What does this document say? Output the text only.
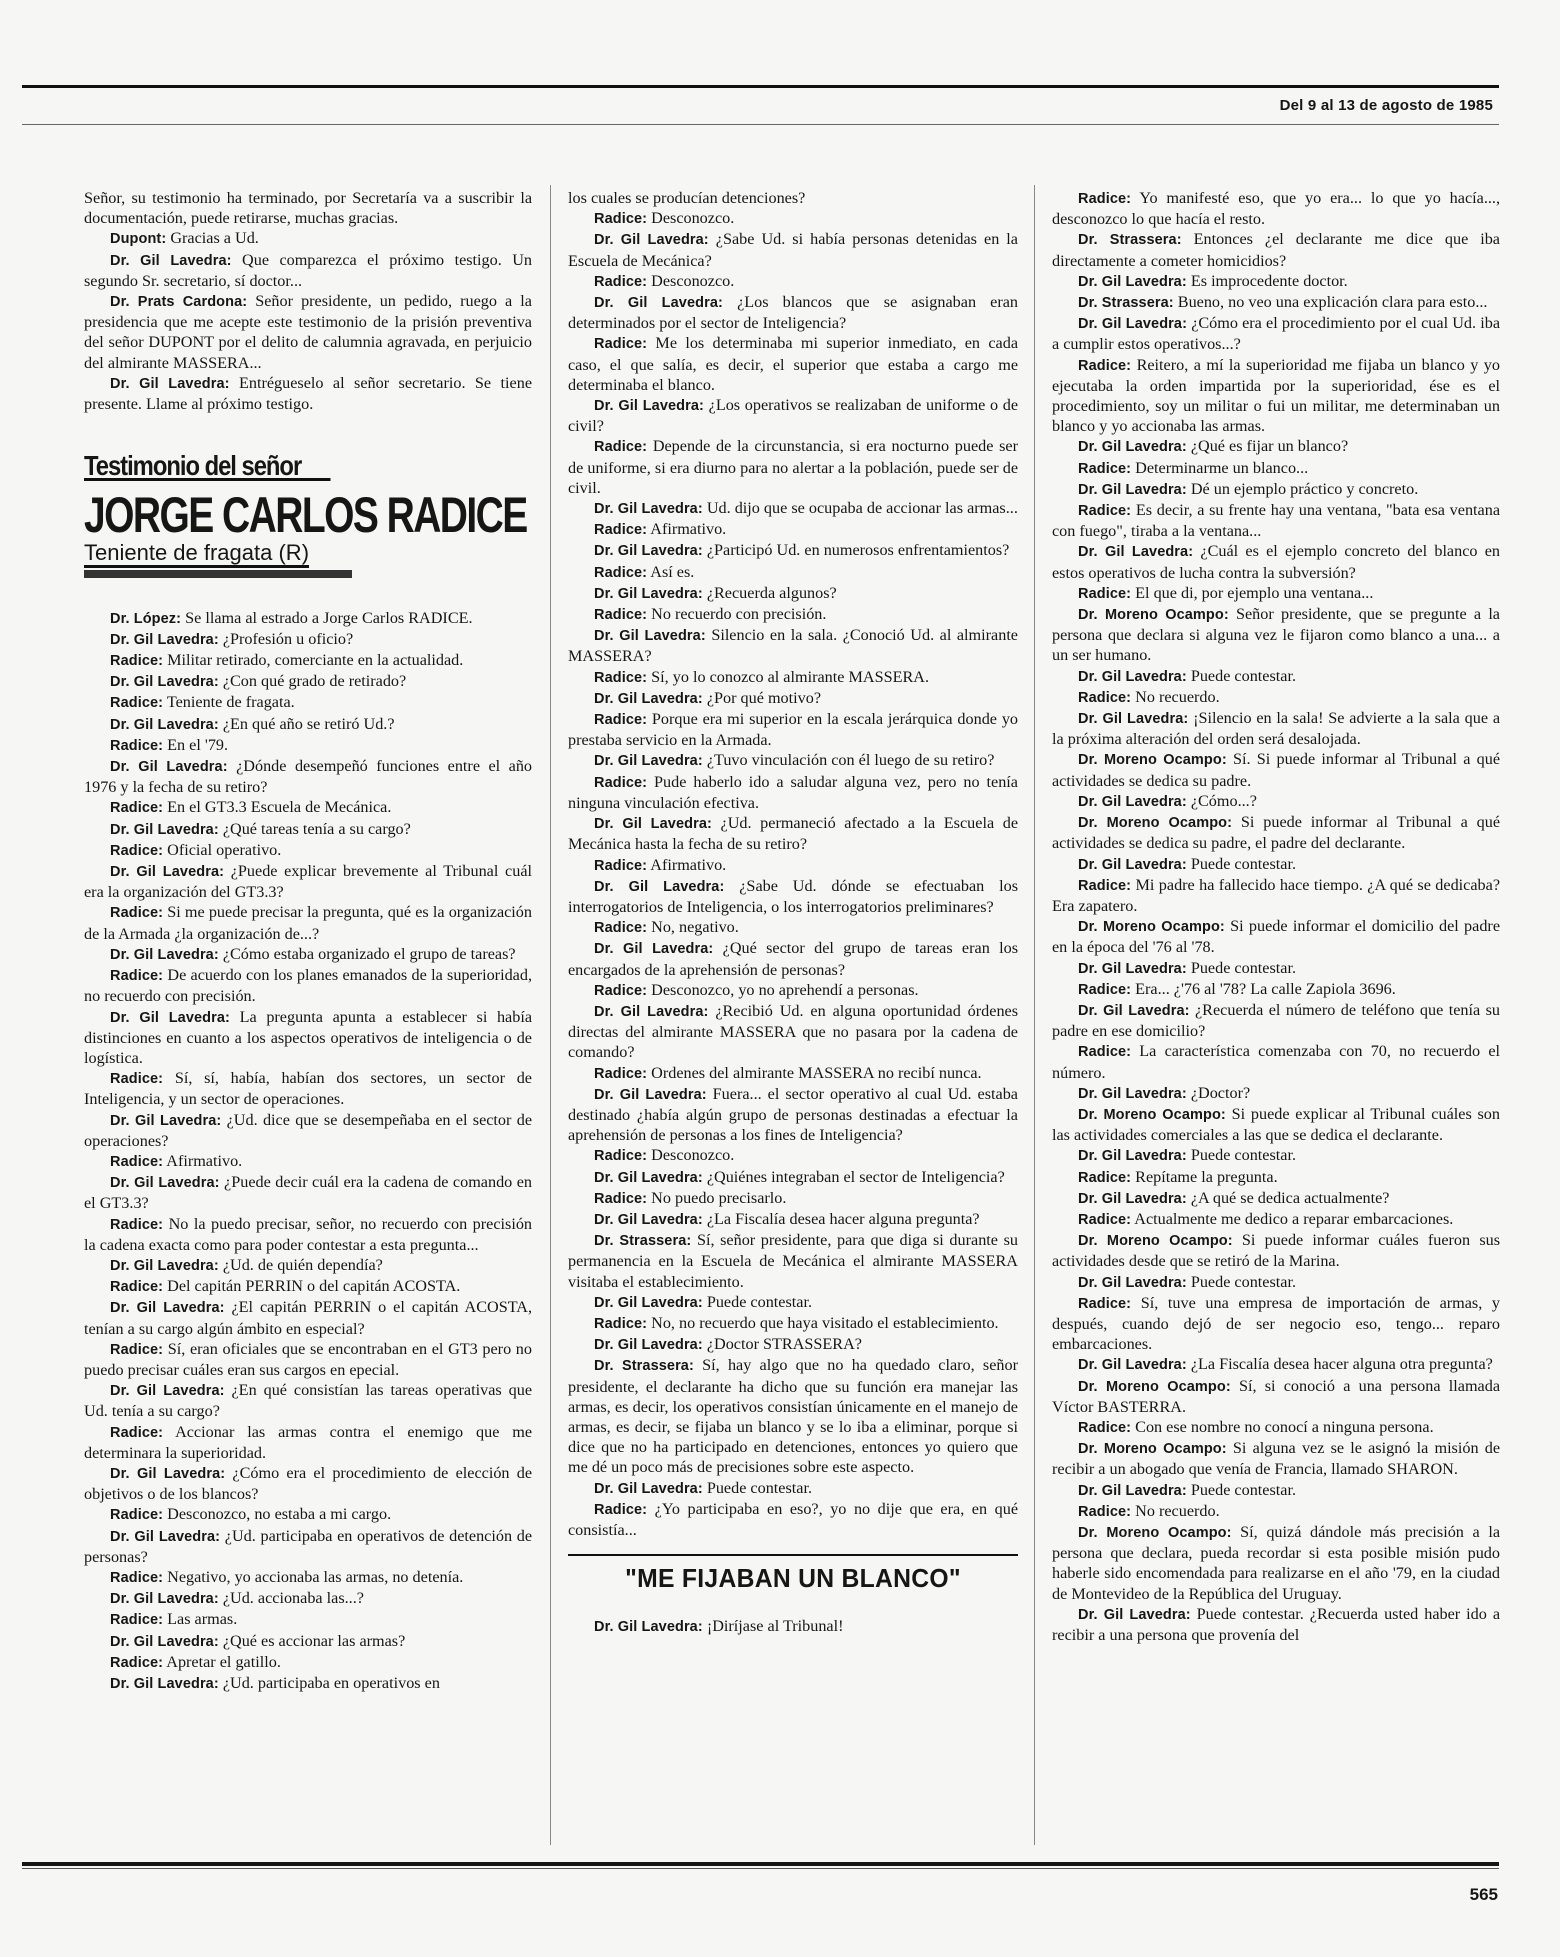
Del 9 al 13 de agosto de 1985

Señor, su testimonio ha terminado, por Secretaría va a suscribir la documentación, puede retirarse, muchas gracias.

Dupont: Gracias a Ud.

Dr. Gil Lavedra: Que comparezca el próximo testigo. Un segundo Sr. secretario, sí doctor...

Dr. Prats Cardona: Señor presidente, un pedido, ruego a la presidencia que me acepte este testimonio de la prisión preventiva del señor DUPONT por el delito de calumnia agravada, en perjuicio del almirante MASSERA...

Dr. Gil Lavedra: Entrégueselo al señor secretario. Se tiene presente. Llame al próximo testigo.

Testimonio del señor
JORGE CARLOS RADICE
Teniente de fragata (R)

Dr. López: Se llama al estrado a Jorge Carlos RADICE.

Dr. Gil Lavedra: ¿Profesión u oficio?

Radice: Militar retirado, comerciante en la actualidad.

Dr. Gil Lavedra: ¿Con qué grado de retirado?

Radice: Teniente de fragata.

Dr. Gil Lavedra: ¿En qué año se retiró Ud.?

Radice: En el '79.

Dr. Gil Lavedra: ¿Dónde desempeñó funciones entre el año 1976 y la fecha de su retiro?

Radice: En el GT3.3 Escuela de Mecánica.

Dr. Gil Lavedra: ¿Qué tareas tenía a su cargo?

Radice: Oficial operativo.

Dr. Gil Lavedra: ¿Puede explicar brevemente al Tribunal cuál era la organización del GT3.3?

Radice: Si me puede precisar la pregunta, qué es la organización de la Armada ¿la organización de...?

Dr. Gil Lavedra: ¿Cómo estaba organizado el grupo de tareas?

Radice: De acuerdo con los planes emanados de la superioridad, no recuerdo con precisión.

Dr. Gil Lavedra: La pregunta apunta a establecer si había distinciones en cuanto a los aspectos operativos de inteligencia o de logística.

Radice: Sí, sí, había, habían dos sectores, un sector de Inteligencia, y un sector de operaciones.

Dr. Gil Lavedra: ¿Ud. dice que se desempeñaba en el sector de operaciones?

Radice: Afirmativo.

Dr. Gil Lavedra: ¿Puede decir cuál era la cadena de comando en el GT3.3?

Radice: No la puedo precisar, señor, no recuerdo con precisión la cadena exacta como para poder contestar a esta pregunta...

Dr. Gil Lavedra: ¿Ud. de quién dependía?

Radice: Del capitán PERRIN o del capitán ACOSTA.

Dr. Gil Lavedra: ¿El capitán PERRIN o el capitán ACOSTA, tenían a su cargo algún ámbito en especial?

Radice: Sí, eran oficiales que se encontraban en el GT3 pero no puedo precisar cuáles eran sus cargos en epecial.

Dr. Gil Lavedra: ¿En qué consistían las tareas operativas que Ud. tenía a su cargo?

Radice: Accionar las armas contra el enemigo que me determinara la superioridad.

Dr. Gil Lavedra: ¿Cómo era el procedimiento de elección de objetivos o de los blancos?

Radice: Desconozco, no estaba a mi cargo.

Dr. Gil Lavedra: ¿Ud. participaba en operativos de detención de personas?

Radice: Negativo, yo accionaba las armas, no detenía.

Dr. Gil Lavedra: ¿Ud. accionaba las...?

Radice: Las armas.

Dr. Gil Lavedra: ¿Qué es accionar las armas?

Radice: Apretar el gatillo.

Dr. Gil Lavedra: ¿Ud. participaba en operativos en

los cuales se producían detenciones?

Radice: Desconozco.

Dr. Gil Lavedra: ¿Sabe Ud. si había personas detenidas en la Escuela de Mecánica?

Radice: Desconozco.

Dr. Gil Lavedra: ¿Los blancos que se asignaban eran determinados por el sector de Inteligencia?

Radice: Me los determinaba mi superior inmediato, en cada caso, el que salía, es decir, el superior que estaba a cargo me determinaba el blanco.

Dr. Gil Lavedra: ¿Los operativos se realizaban de uniforme o de civil?

Radice: Depende de la circunstancia, si era nocturno puede ser de uniforme, si era diurno para no alertar a la población, puede ser de civil.

Dr. Gil Lavedra: Ud. dijo que se ocupaba de accionar las armas...

Radice: Afirmativo.

Dr. Gil Lavedra: ¿Participó Ud. en numerosos enfrentamientos?

Radice: Así es.

Dr. Gil Lavedra: ¿Recuerda algunos?

Radice: No recuerdo con precisión.

Dr. Gil Lavedra: Silencio en la sala. ¿Conoció Ud. al almirante MASSERA?

Radice: Sí, yo lo conozco al almirante MASSERA.

Dr. Gil Lavedra: ¿Por qué motivo?

Radice: Porque era mi superior en la escala jerárquica donde yo prestaba servicio en la Armada.

Dr. Gil Lavedra: ¿Tuvo vinculación con él luego de su retiro?

Radice: Pude haberlo ido a saludar alguna vez, pero no tenía ninguna vinculación efectiva.

Dr. Gil Lavedra: ¿Ud. permaneció afectado a la Escuela de Mecánica hasta la fecha de su retiro?

Radice: Afirmativo.

Dr. Gil Lavedra: ¿Sabe Ud. dónde se efectuaban los interrogatorios de Inteligencia, o los interrogatorios preliminares?

Radice: No, negativo.

Dr. Gil Lavedra: ¿Qué sector del grupo de tareas eran los encargados de la aprehensión de personas?

Radice: Desconozco, yo no aprehendí a personas.

Dr. Gil Lavedra: ¿Recibió Ud. en alguna oportunidad órdenes directas del almirante MASSERA que no pasara por la cadena de comando?

Radice: Ordenes del almirante MASSERA no recibí nunca.

Dr. Gil Lavedra: Fuera... el sector operativo al cual Ud. estaba destinado ¿había algún grupo de personas destinadas a efectuar la aprehensión de personas a los fines de Inteligencia?

Radice: Desconozco.

Dr. Gil Lavedra: ¿Quiénes integraban el sector de Inteligencia?

Radice: No puedo precisarlo.

Dr. Gil Lavedra: ¿La Fiscalía desea hacer alguna pregunta?

Dr. Strassera: Sí, señor presidente, para que diga si durante su permanencia en la Escuela de Mecánica el almirante MASSERA visitaba el establecimiento.

Dr. Gil Lavedra: Puede contestar.

Radice: No, no recuerdo que haya visitado el establecimiento.

Dr. Gil Lavedra: ¿Doctor STRASSERA?

Dr. Strassera: Sí, hay algo que no ha quedado claro, señor presidente, el declarante ha dicho que su función era manejar las armas, es decir, los operativos consistían únicamente en el manejo de armas, es decir, se fijaba un blanco y se lo iba a eliminar, porque si dice que no ha participado en detenciones, entonces yo quiero que me dé un poco más de precisiones sobre este aspecto.

Dr. Gil Lavedra: Puede contestar.

Radice: ¿Yo participaba en eso?, yo no dije que era, en qué consistía...

"ME FIJABAN UN BLANCO"

Dr. Gil Lavedra: ¡Diríjase al Tribunal!

Radice: Yo manifesté eso, que yo era... lo que yo hacía..., desconozco lo que hacía el resto.

Dr. Strassera: Entonces ¿el declarante me dice que iba directamente a cometer homicidios?

Dr. Gil Lavedra: Es improcedente doctor.

Dr. Strassera: Bueno, no veo una explicación clara para esto...

Dr. Gil Lavedra: ¿Cómo era el procedimiento por el cual Ud. iba a cumplir estos operativos...?

Radice: Reitero, a mí la superioridad me fijaba un blanco y yo ejecutaba la orden impartida por la superioridad, ése es el procedimiento, soy un militar o fui un militar, me determinaban un blanco y yo accionaba las armas.

Dr. Gil Lavedra: ¿Qué es fijar un blanco?

Radice: Determinarme un blanco...

Dr. Gil Lavedra: Dé un ejemplo práctico y concreto.

Radice: Es decir, a su frente hay una ventana, "bata esa ventana con fuego", tiraba a la ventana...

Dr. Gil Lavedra: ¿Cuál es el ejemplo concreto del blanco en estos operativos de lucha contra la subversión?

Radice: El que di, por ejemplo una ventana...

Dr. Moreno Ocampo: Señor presidente, que se pregunte a la persona que declara si alguna vez le fijaron como blanco a una... a un ser humano.

Dr. Gil Lavedra: Puede contestar.

Radice: No recuerdo.

Dr. Gil Lavedra: ¡Silencio en la sala! Se advierte a la sala que a la próxima alteración del orden será desalojada.

Dr. Moreno Ocampo: Sí. Si puede informar al Tribunal a qué actividades se dedica su padre.

Dr. Gil Lavedra: ¿Cómo...?

Dr. Moreno Ocampo: Si puede informar al Tribunal a qué actividades se dedica su padre, el padre del declarante.

Dr. Gil Lavedra: Puede contestar.

Radice: Mi padre ha fallecido hace tiempo. ¿A qué se dedicaba? Era zapatero.

Dr. Moreno Ocampo: Si puede informar el domicilio del padre en la época del '76 al '78.

Dr. Gil Lavedra: Puede contestar.

Radice: Era... ¿'76 al '78? La calle Zapiola 3696.

Dr. Gil Lavedra: ¿Recuerda el número de teléfono que tenía su padre en ese domicilio?

Radice: La característica comenzaba con 70, no recuerdo el número.

Dr. Gil Lavedra: ¿Doctor?

Dr. Moreno Ocampo: Si puede explicar al Tribunal cuáles son las actividades comerciales a las que se dedica el declarante.

Dr. Gil Lavedra: Puede contestar.

Radice: Repítame la pregunta.

Dr. Gil Lavedra: ¿A qué se dedica actualmente?

Radice: Actualmente me dedico a reparar embarcaciones.

Dr. Moreno Ocampo: Si puede informar cuáles fueron sus actividades desde que se retiró de la Marina.

Dr. Gil Lavedra: Puede contestar.

Radice: Sí, tuve una empresa de importación de armas, y después, cuando dejó de ser negocio eso, tengo... reparo embarcaciones.

Dr. Gil Lavedra: ¿La Fiscalía desea hacer alguna otra pregunta?

Dr. Moreno Ocampo: Sí, si conoció a una persona llamada Víctor BASTERRA.

Radice: Con ese nombre no conocí a ninguna persona.

Dr. Moreno Ocampo: Si alguna vez se le asignó la misión de recibir a un abogado que venía de Francia, llamado SHARON.

Dr. Gil Lavedra: Puede contestar.

Radice: No recuerdo.

Dr. Moreno Ocampo: Sí, quizá dándole más precisión a la persona que declara, pueda recordar si esta posible misión pudo haberle sido encomendada para realizarse en el año '79, en la ciudad de Montevideo de la República del Uruguay.

Dr. Gil Lavedra: Puede contestar. ¿Recuerda usted haber ido a recibir a una persona que provenía del

565
